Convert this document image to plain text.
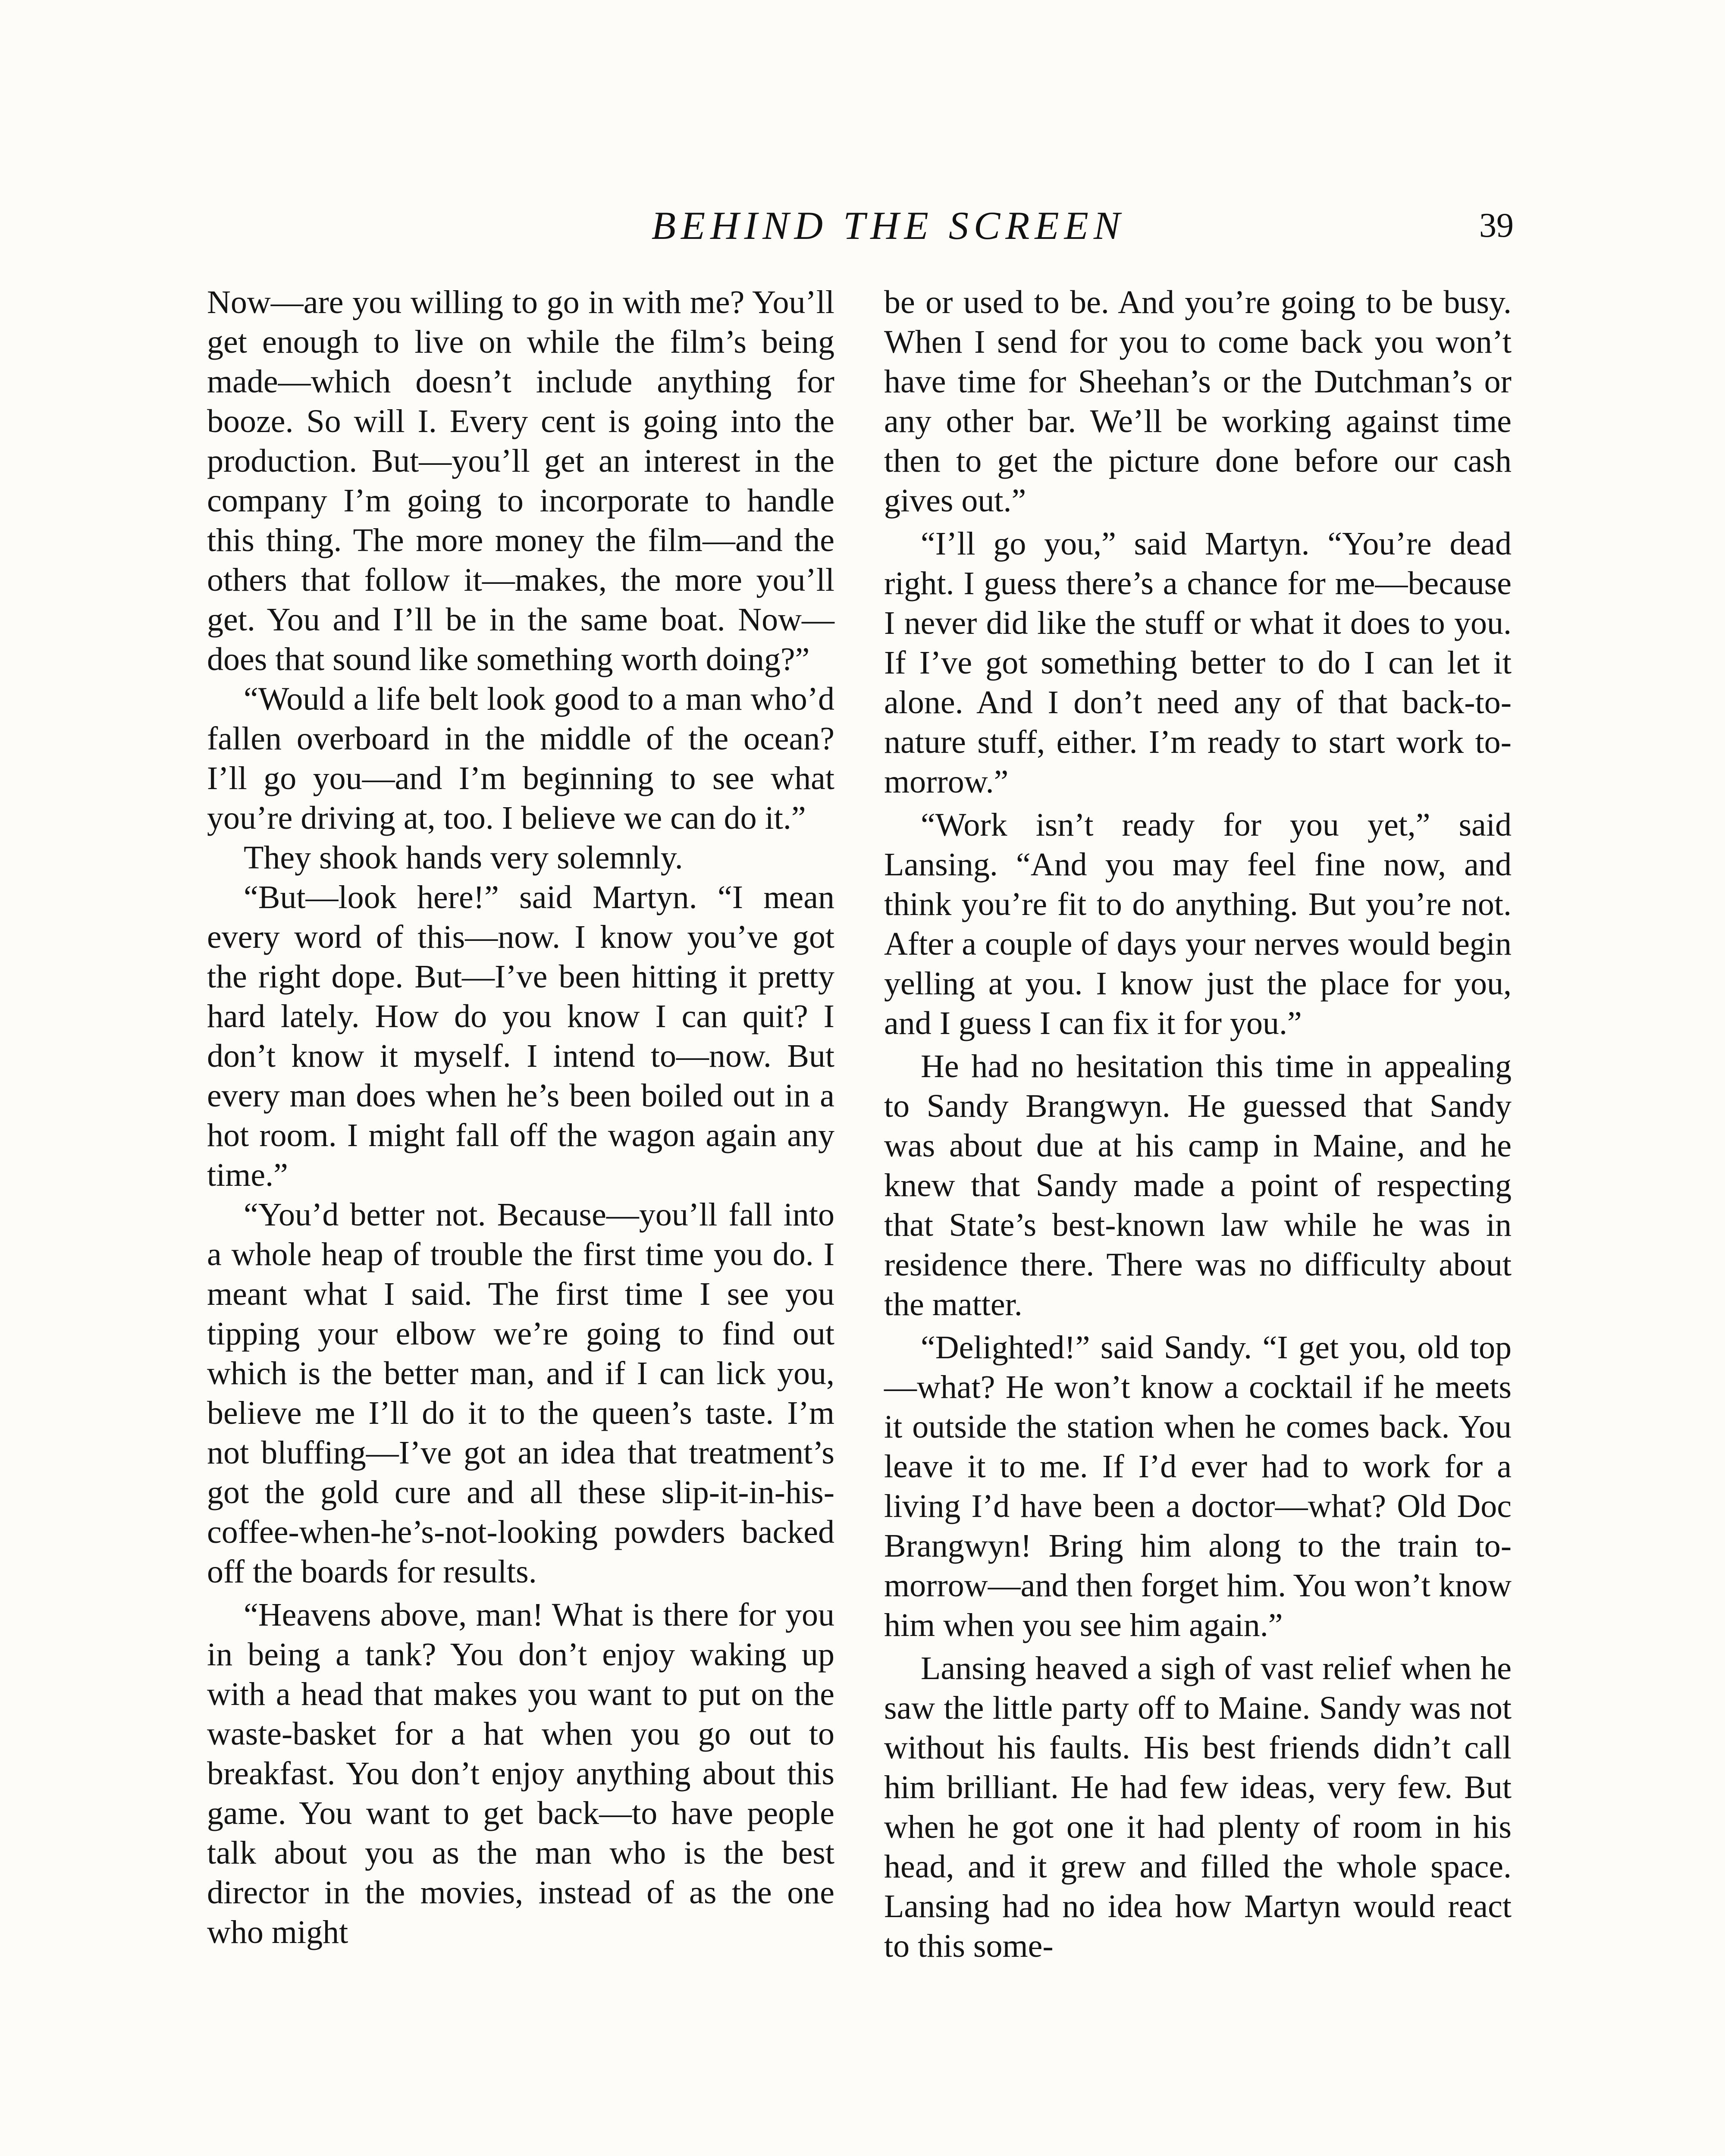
BEHIND THE SCREEN	39

Now—are you willing to go in with me? You’ll get enough to live on while the film’s being made—which doesn’t include anything for booze. So will I. Every cent is going into the production. But—you’ll get an interest in the company I’m going to incorporate to handle this thing. The more money the film—and the others that follow it—makes, the more you’ll get. You and I’ll be in the same boat. Now—does that sound like something worth doing?”

“Would a life belt look good to a man who’d fallen overboard in the middle of the ocean? I’ll go you—and I’m beginning to see what you’re driving at, too. I believe we can do it.”

They shook hands very solemnly.

“But—look here!” said Martyn. “I mean every word of this—now. I know you’ve got the right dope. But—I’ve been hitting it pretty hard lately. How do you know I can quit? I don’t know it myself. I intend to—now. But every man does when he’s been boiled out in a hot room. I might fall off the wagon again any time.”

“You’d better not. Because—you’ll fall into a whole heap of trouble the first time you do. I meant what I said. The first time I see you tipping your elbow we’re going to find out which is the better man, and if I can lick you, believe me I’ll do it to the queen’s taste. I’m not bluffing—I’ve got an idea that treatment’s got the gold cure and all these slip-it-in-his-coffee-when-he’s-not-looking powders backed off the boards for results.

“Heavens above, man! What is there for you in being a tank? You don’t enjoy waking up with a head that makes you want to put on the waste-basket for a hat when you go out to breakfast. You don’t enjoy anything about this game. You want to get back—to have people talk about you as the man who is the best director in the movies, instead of as the one who might

be or used to be. And you’re going to be busy. When I send for you to come back you won’t have time for Sheehan’s or the Dutchman’s or any other bar. We’ll be working against time then to get the picture done before our cash gives out.”

“I’ll go you,” said Martyn. “You’re dead right. I guess there’s a chance for me—because I never did like the stuff or what it does to you. If I’ve got something better to do I can let it alone. And I don’t need any of that back-to-nature stuff, either. I’m ready to start work to-morrow.”

“Work isn’t ready for you yet,” said Lansing. “And you may feel fine now, and think you’re fit to do anything. But you’re not. After a couple of days your nerves would begin yelling at you. I know just the place for you, and I guess I can fix it for you.”

He had no hesitation this time in appealing to Sandy Brangwyn. He guessed that Sandy was about due at his camp in Maine, and he knew that Sandy made a point of respecting that State’s best-known law while he was in residence there. There was no difficulty about the matter.

“Delighted!” said Sandy. “I get you, old top—what? He won’t know a cocktail if he meets it outside the station when he comes back. You leave it to me. If I’d ever had to work for a living I’d have been a doctor—what? Old Doc Brangwyn! Bring him along to the train to-morrow—and then forget him. You won’t know him when you see him again.”

Lansing heaved a sigh of vast relief when he saw the little party off to Maine. Sandy was not without his faults. His best friends didn’t call him brilliant. He had few ideas, very few. But when he got one it had plenty of room in his head, and it grew and filled the whole space. Lansing had no idea how Martyn would react to this some-
